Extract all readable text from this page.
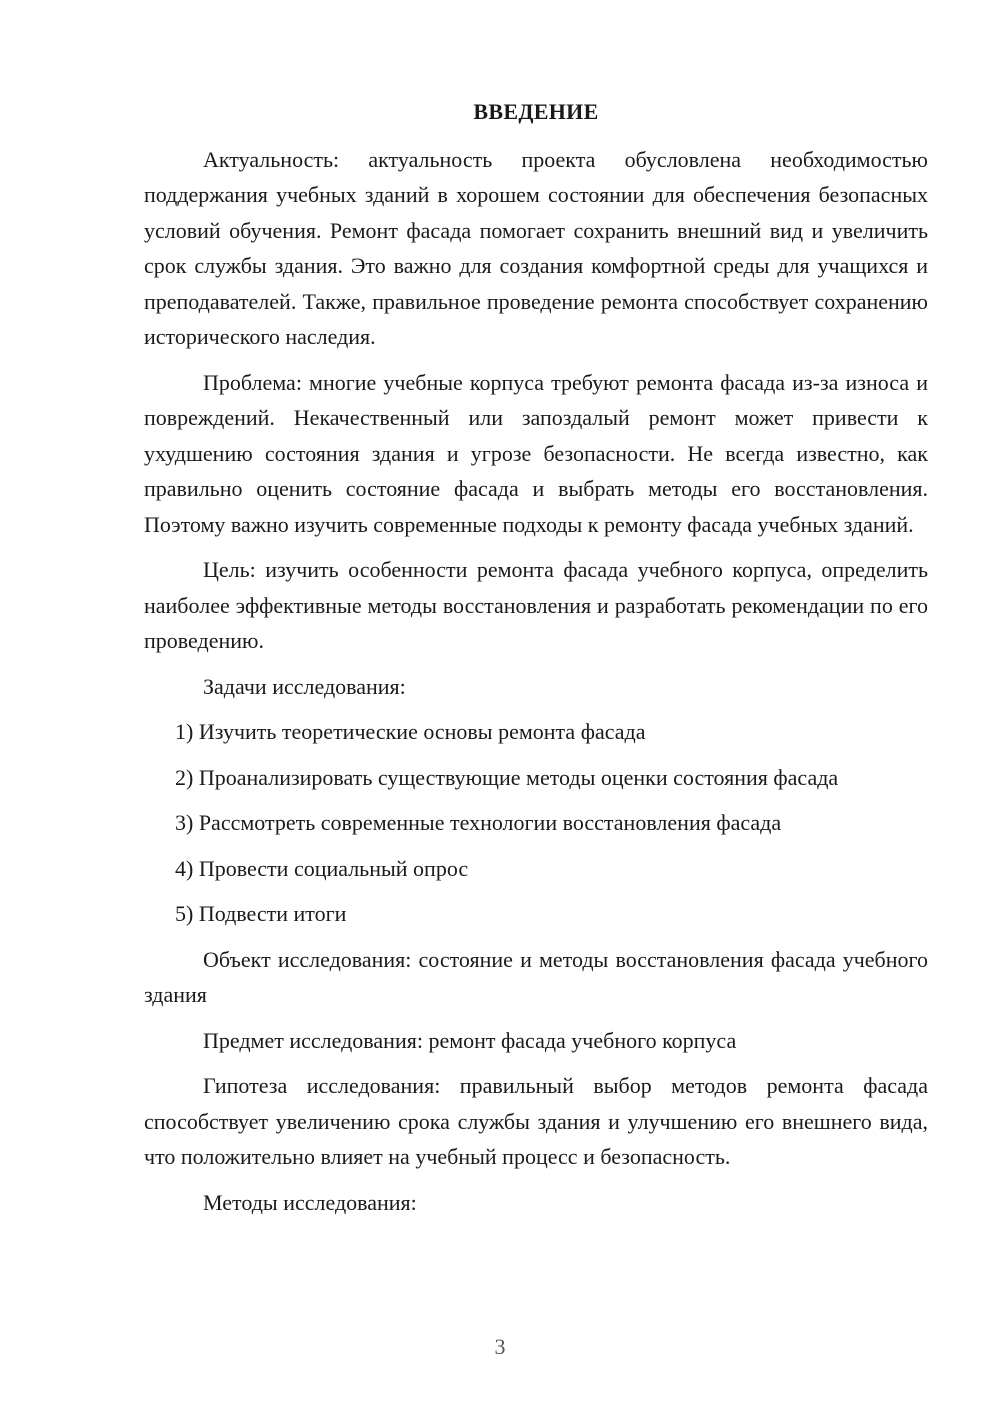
ВВЕДЕНИЕ

Актуальность: актуальность проекта обусловлена необходимостью поддержания учебных зданий в хорошем состоянии для обеспечения безопасных условий обучения. Ремонт фасада помогает сохранить внешний вид и увеличить срок службы здания. Это важно для создания комфортной среды для учащихся и преподавателей. Также, правильное проведение ремонта способствует сохранению исторического наследия.

Проблема: многие учебные корпуса требуют ремонта фасада из-за износа и повреждений. Некачественный или запоздалый ремонт может привести к ухудшению состояния здания и угрозе безопасности. Не всегда известно, как правильно оценить состояние фасада и выбрать методы его восстановления. Поэтому важно изучить современные подходы к ремонту фасада учебных зданий.

Цель: изучить особенности ремонта фасада учебного корпуса, определить наиболее эффективные методы восстановления и разработать рекомендации по его проведению.

Задачи исследования:

1) Изучить теоретические основы ремонта фасада
2) Проанализировать существующие методы оценки состояния фасада
3) Рассмотреть современные технологии восстановления фасада
4) Провести социальный опрос
5) Подвести итоги

Объект исследования: состояние и методы восстановления фасада учебного здания

Предмет исследования: ремонт фасада учебного корпуса

Гипотеза исследования: правильный выбор методов ремонта фасада способствует увеличению срока службы здания и улучшению его внешнего вида, что положительно влияет на учебный процесс и безопасность.

Методы исследования:

3
